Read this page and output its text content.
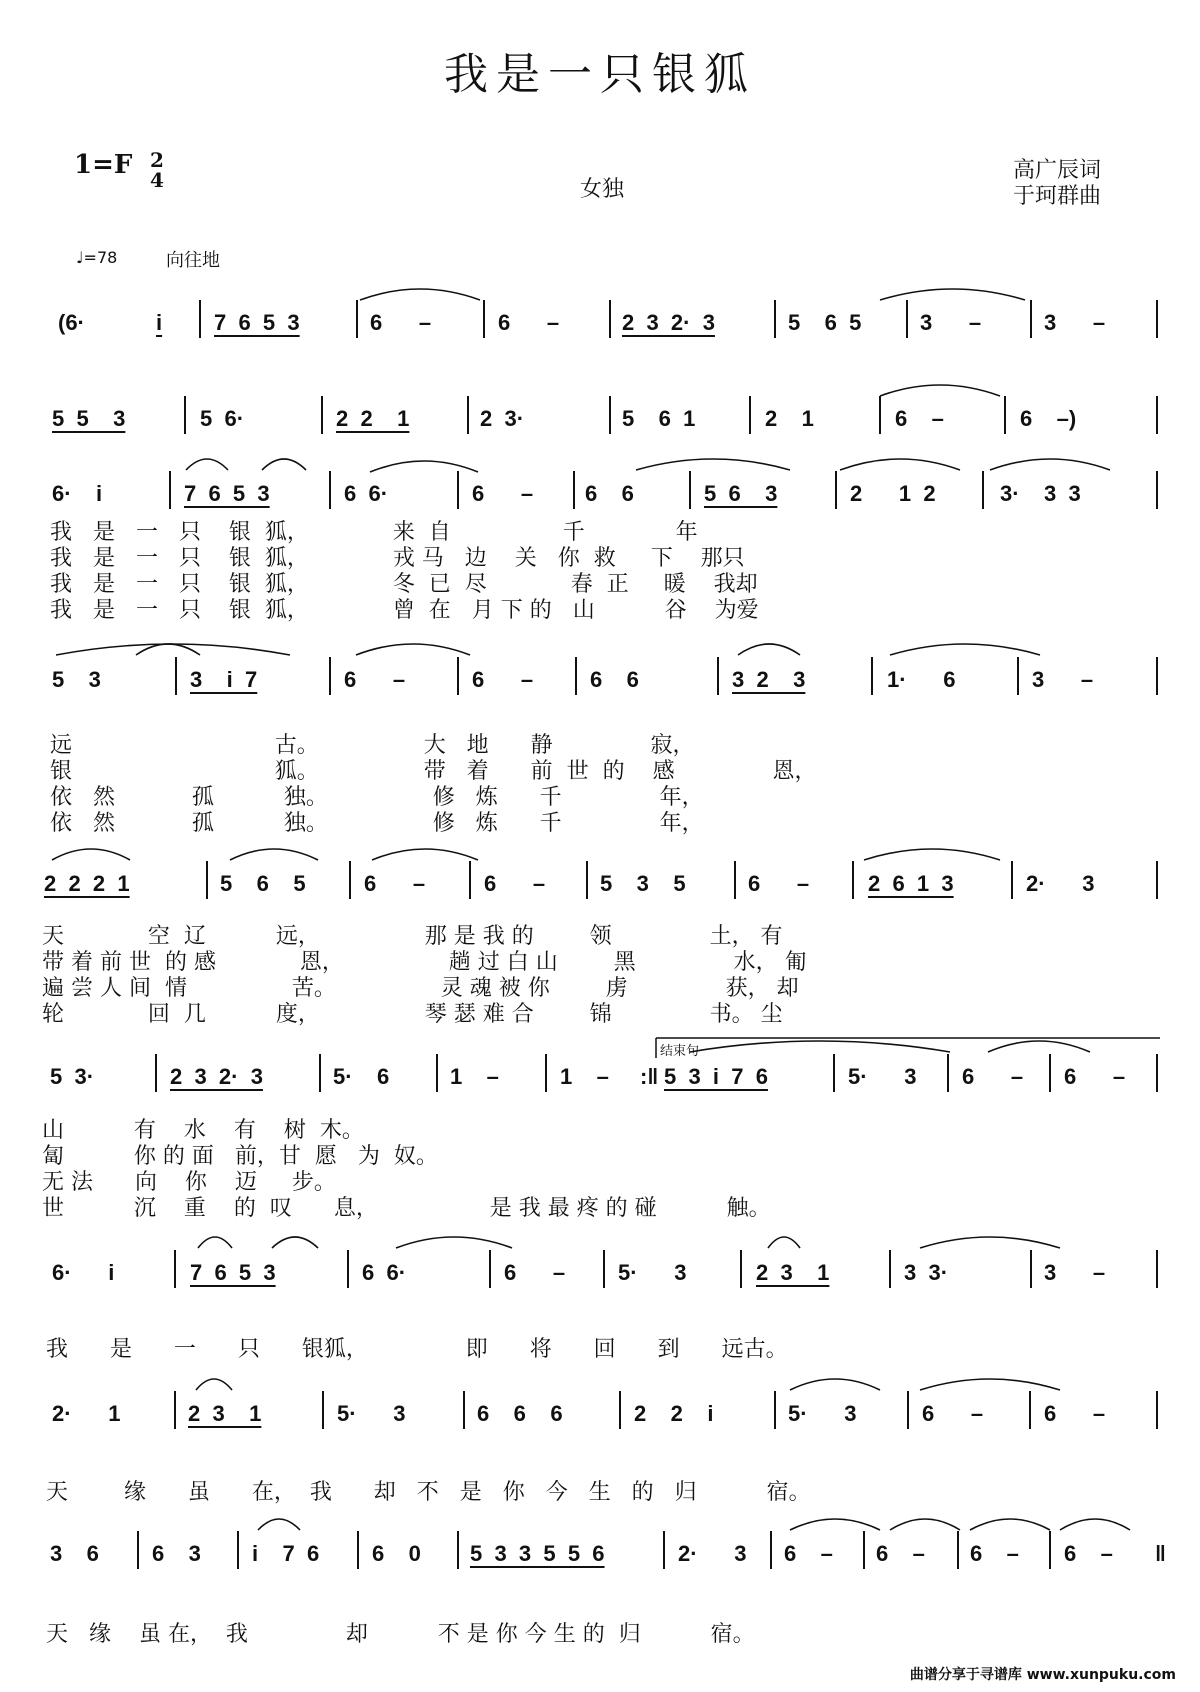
我是一只银狐
1=F 2
4	女独
高广辰词
于珂群曲
♩=78	向往地
(6·	i 7  6  5  3	6      –	6      –	2  3  2·  3	5    6  5	3      –	3      –
5  5    3	5  6·	2  2    1	2  3·	5    6  1	2    1	6    –	6    –)
6·    i	7  6  5  3	6  6·	6      – 6    6	5  6    3	2      1  2	3·    3  3
5    3	3    i  7	6      –	6      –	6    6	3  2    3	1·      6	3      –
2  2  2  1	5    6    5	6      –	6      – 5    3    5	6      –	2  6  1  3	2·      3
5  3·	2  3  2·  3	5·    6	1    –	1    – :‖ 5  3  i  7  6	5·      3 6      – 6      –
6·      i	7  6  5  3	6  6·	6      – 5·      3	2  3    1	3  3·	3      –
2·      1	2  3    1	5·      3	6    6    6	2    2    i	5·      3	6      –	6      –
3    6 6    3 i    7  6 6    0 5  3  3  5  5  6	2·      3 6    – 6    – 6    – 6    – ‖
我   是   一   只    银  狐，            来  自                千             年
我   是   一   只    银  狐，            戎 马   边    关   你  救     下    那只
我   是   一   只    银  狐，            冬  已  尽            春  正     暖    我却
我   是   一   只    银  狐，            曾  在   月 下 的   山          谷    为爱
远                             古。               大   地      静              寂，
银                             狐。               带   着      前  世  的    感              恩，
依   然           孤          独。               修   炼      千              年，
依   然           孤          独。               修   炼      千              年，
天            空  辽          远，               那 是 我 的        领              土， 有
带 着 前 世  的 感            恩，               趟 过 白 山        黑              水， 匍
遍 尝 人 间  情               苦。               灵 魂 被 你        虏              获， 却
轮            回  几          度，               琴 瑟 难 合        锦              书。 尘
结束句
山          有    水    有    树  木。
匐          你 的 面   前，甘  愿   为  奴。
无 法      向    你    迈     步。
世          沉    重    的  叹      息，                是 我 最 疼 的 碰          触。
我      是      一      只      银狐，              即      将      回      到      远古。
天        缘      虽      在，  我      却   不   是   你   今   生   的   归          宿。
天   缘    虽 在，  我              却          不 是 你 今 生 的  归          宿。
曲谱分享于寻谱库 www.xunpuku.com
